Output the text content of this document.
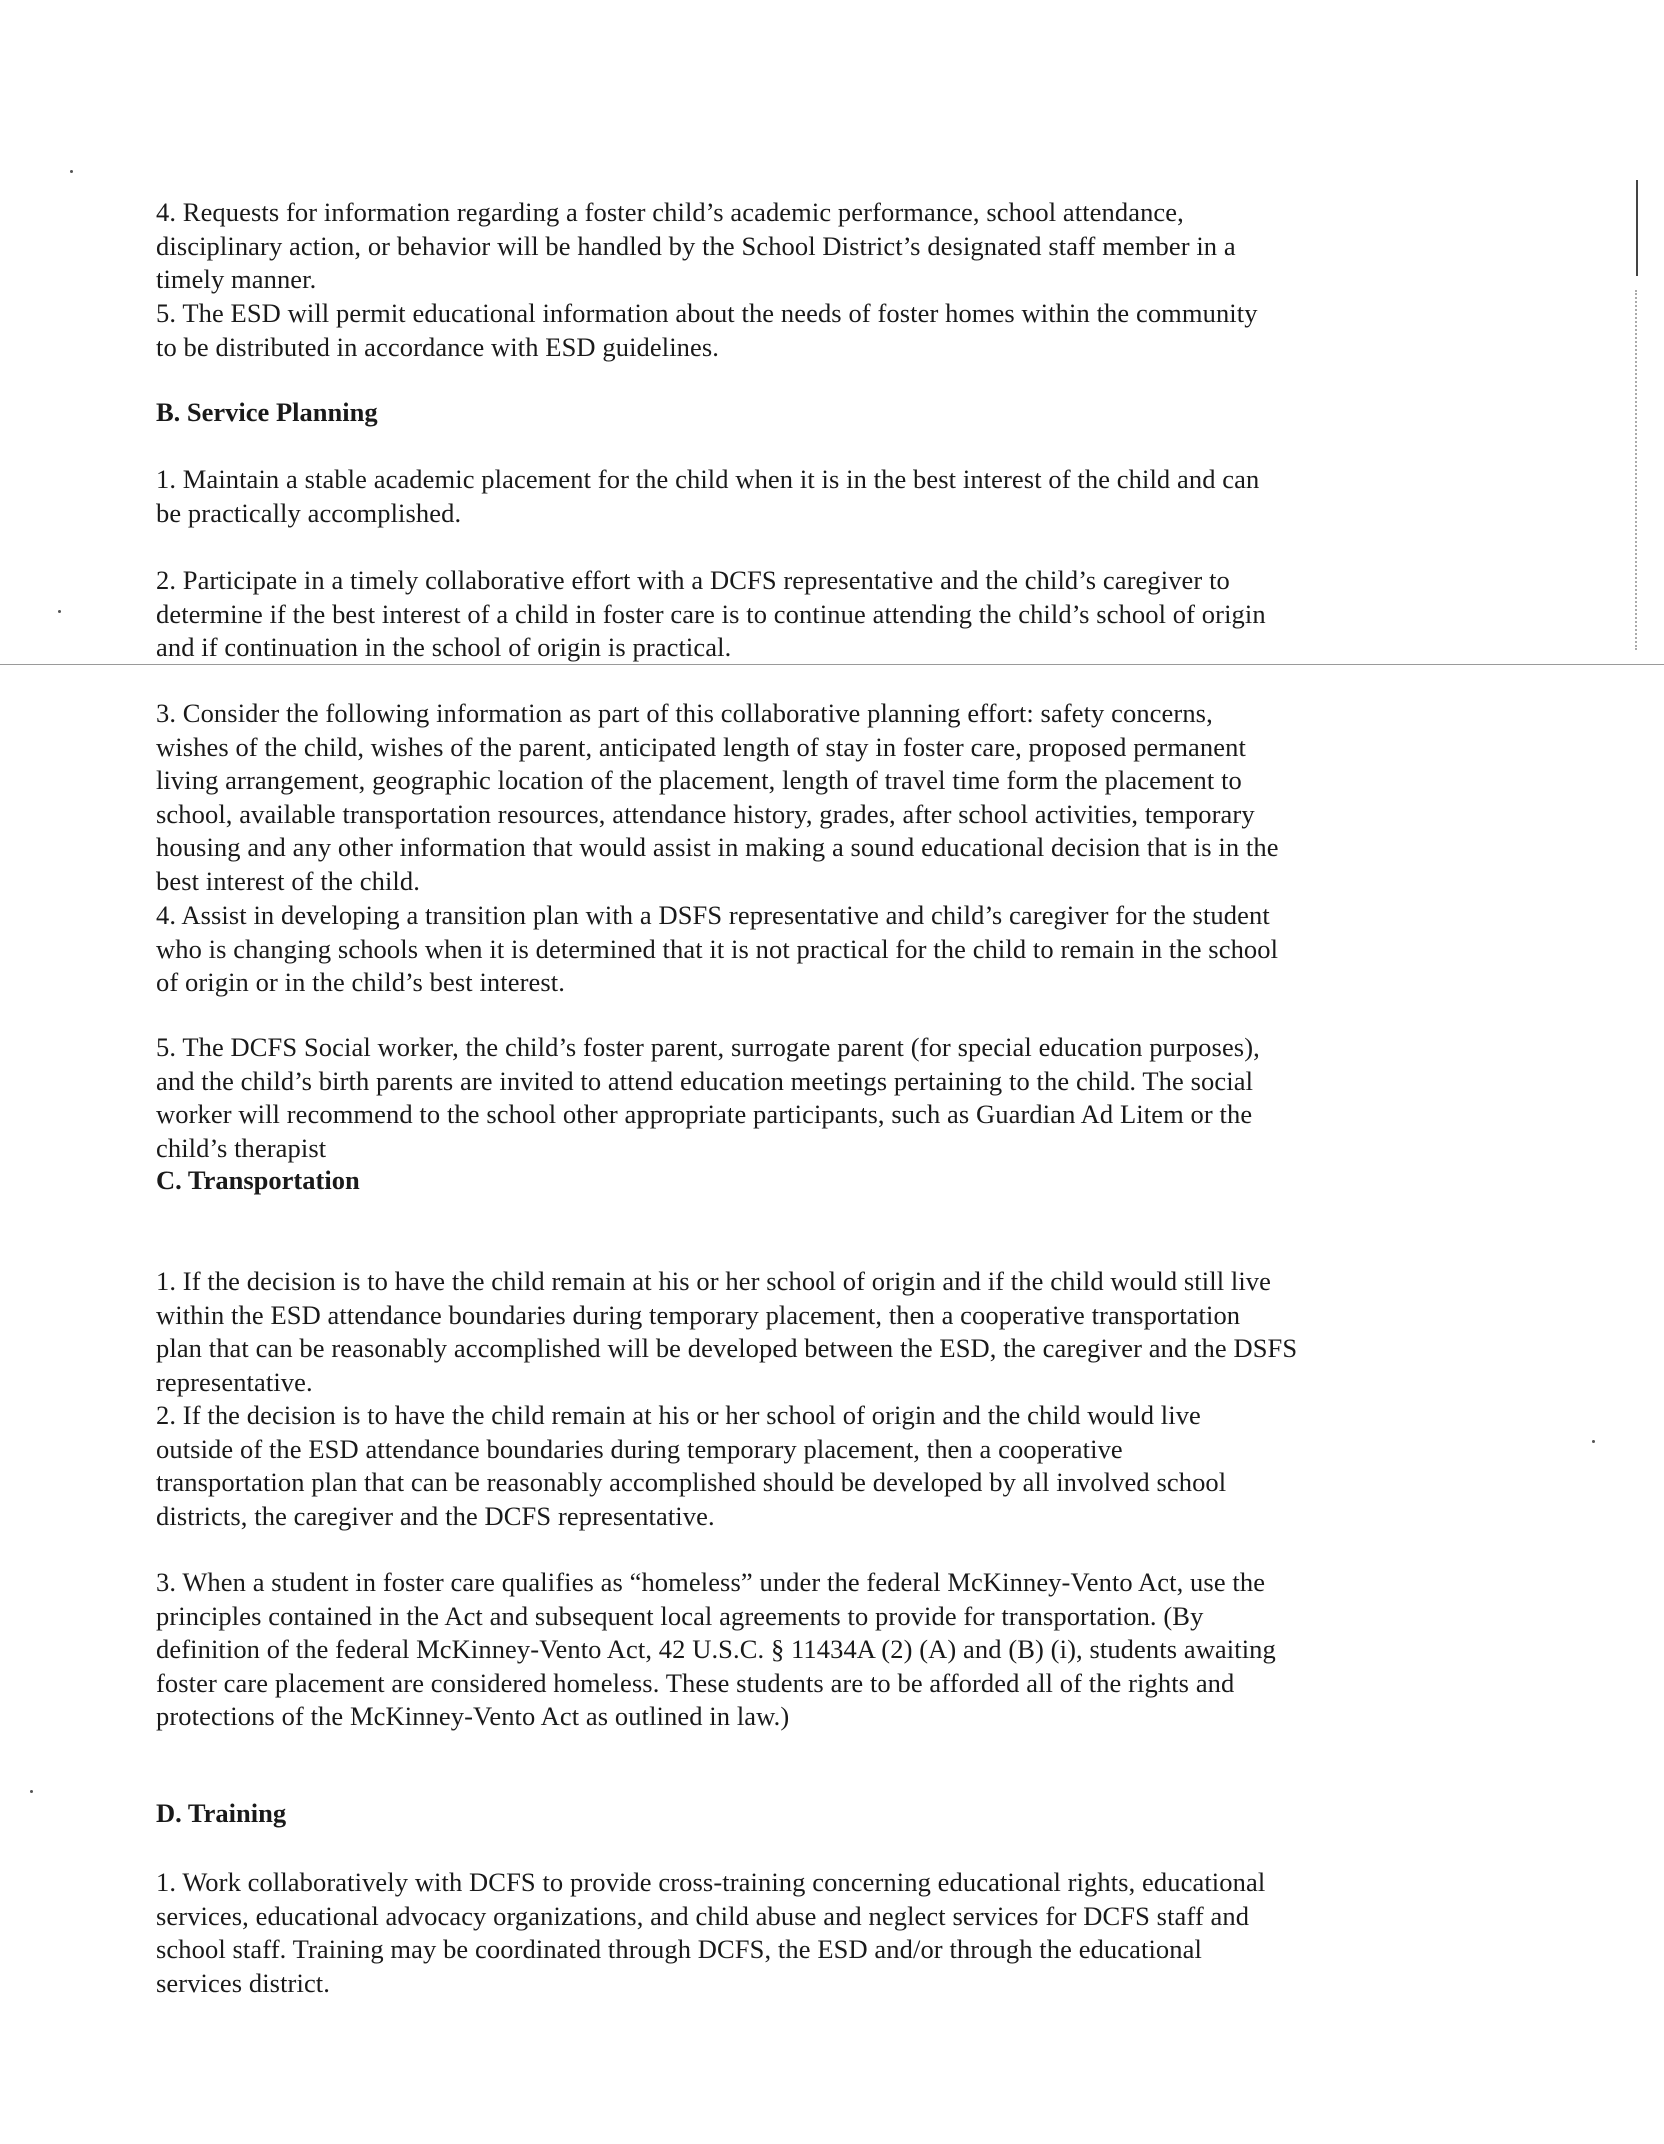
4. Requests for information regarding a foster child’s academic performance, school attendance,
disciplinary action, or behavior will be handled by the School District’s designated staff member in a
timely manner.
5. The ESD will permit educational information about the needs of foster homes within the community
to be distributed in accordance with ESD guidelines.
B. Service Planning
1. Maintain a stable academic placement for the child when it is in the best interest of the child and can
be practically accomplished.
2. Participate in a timely collaborative effort with a DCFS representative and the child’s caregiver to
determine if the best interest of a child in foster care is to continue attending the child’s school of origin
and if continuation in the school of origin is practical.
3. Consider the following information as part of this collaborative planning effort: safety concerns,
wishes of the child, wishes of the parent, anticipated length of stay in foster care, proposed permanent
living arrangement, geographic location of the placement, length of travel time form the placement to
school, available transportation resources, attendance history, grades, after school activities, temporary
housing and any other information that would assist in making a sound educational decision that is in the
best interest of the child.
4. Assist in developing a transition plan with a DSFS representative and child’s caregiver for the student
who is changing schools when it is determined that it is not practical for the child to remain in the school
of origin or in the child’s best interest.
5. The DCFS Social worker, the child’s foster parent, surrogate parent (for special education purposes),
and the child’s birth parents are invited to attend education meetings pertaining to the child. The social
worker will recommend to the school other appropriate participants, such as Guardian Ad Litem or the
child’s therapist
C. Transportation
1. If the decision is to have the child remain at his or her school of origin and if the child would still live
within the ESD attendance boundaries during temporary placement, then a cooperative transportation
plan that can be reasonably accomplished will be developed between the ESD, the caregiver and the DSFS
representative.
2. If the decision is to have the child remain at his or her school of origin and the child would live
outside of the ESD attendance boundaries during temporary placement, then a cooperative
transportation plan that can be reasonably accomplished should be developed by all involved school
districts, the caregiver and the DCFS representative.
3. When a student in foster care qualifies as “homeless” under the federal McKinney-Vento Act, use the
principles contained in the Act and subsequent local agreements to provide for transportation. (By
definition of the federal McKinney-Vento Act, 42 U.S.C. § 11434A (2) (A) and (B) (i), students awaiting
foster care placement are considered homeless. These students are to be afforded all of the rights and
protections of the McKinney-Vento Act as outlined in law.)
D. Training
1. Work collaboratively with DCFS to provide cross-training concerning educational rights, educational
services, educational advocacy organizations, and child abuse and neglect services for DCFS staff and
school staff. Training may be coordinated through DCFS, the ESD and/or through the educational
services district.
